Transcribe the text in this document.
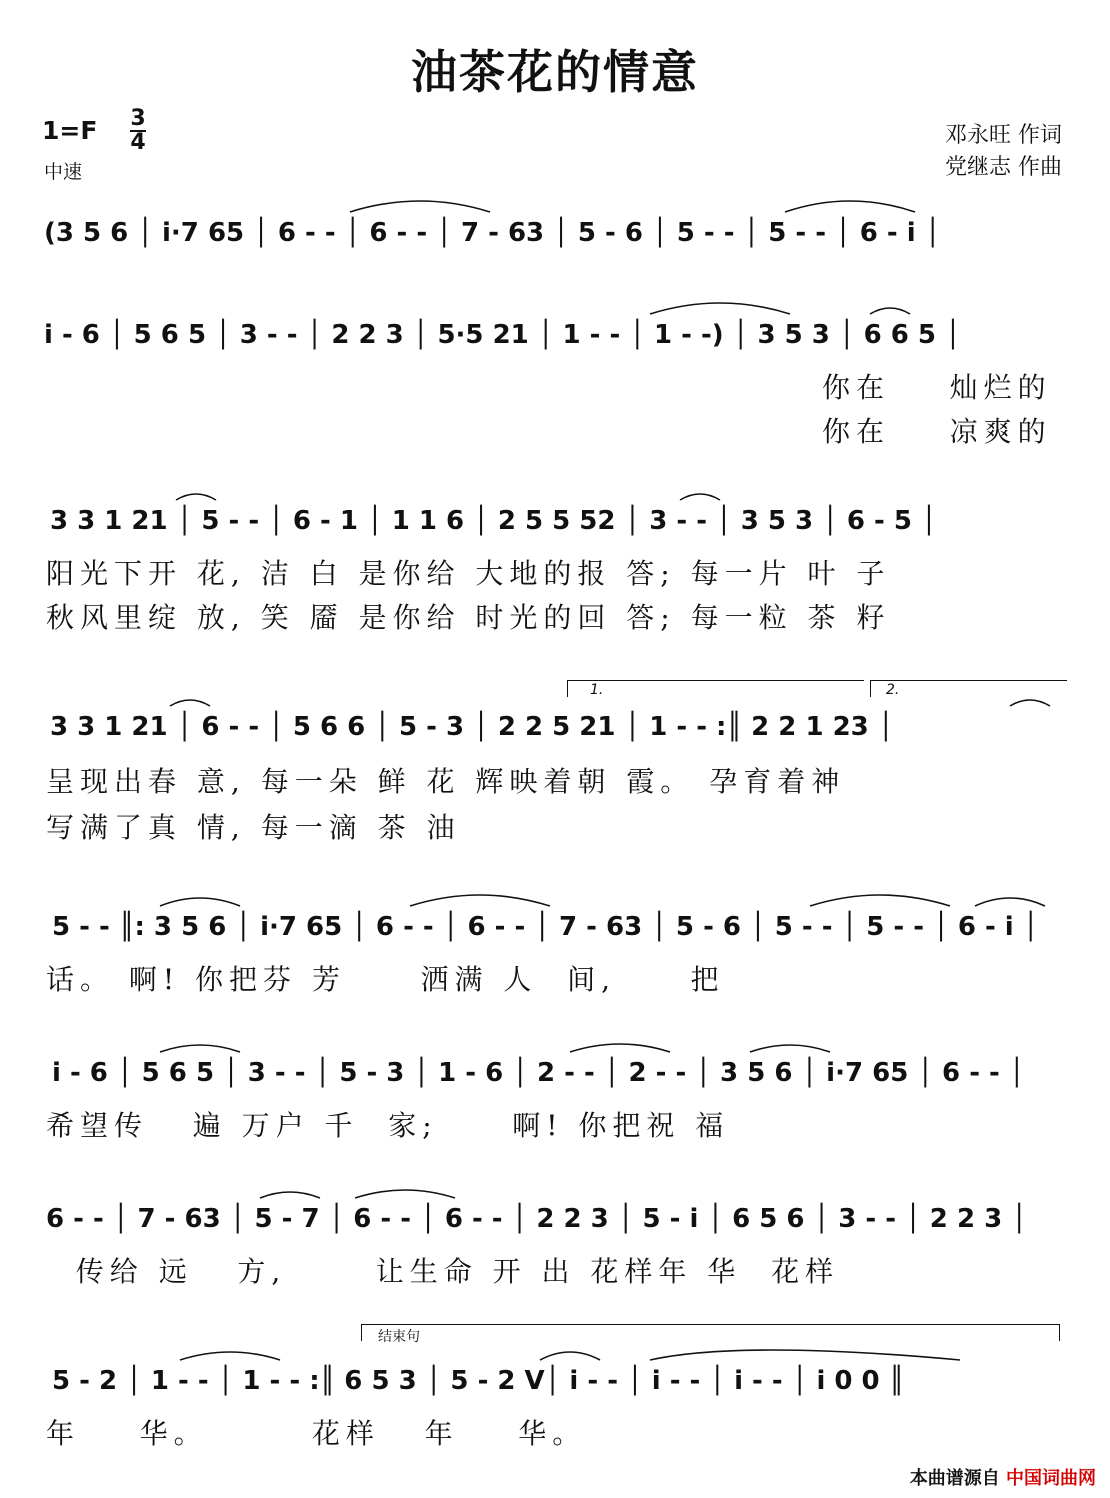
油茶花的情意
1=F 3
4
中速
邓永旺 作词
党继志 作曲
(3 5 6 │ i·7 65 │ 6 - - │ 6 - - │ 7 - 63 │ 5 - 6 │ 5 - - │ 5 - - │ 6 - i │
i - 6 │ 5 6 5 │ 3 - - │ 2 2 3 │ 5·5 21 │ 1 - - │ 1 - -) │ 3 5 3 │ 6 6 5 │
你在    灿烂的
你在    凉爽的
3 3 1 21 │ 5 - - │ 6 - 1 │ 1 1 6 │ 2 5 5 52 │ 3 - - │ 3 5 3 │ 6 - 5 │
阳光下开 花, 洁 白 是你给 大地的报 答; 每一片 叶 子
秋风里绽 放, 笑 靥 是你给 时光的回 答; 每一粒 茶 籽
1.	2.
3 3 1 21 │ 6 - - │ 5 6 6 │ 5 - 3 │ 2 2 5 21 │ 1 - - :║ 2 2 1 23 │
呈现出春 意, 每一朵 鲜 花 辉映着朝 霞。 孕育着神
写满了真 情, 每一滴 茶 油
5 - - ║: 3 5 6 │ i·7 65 │ 6 - - │ 6 - - │ 7 - 63 │ 5 - 6 │ 5 - - │ 5 - - │ 6 - i │
话。 啊! 你把芬 芳     洒满 人  间,     把
i - 6 │ 5 6 5 │ 3 - - │ 5 - 3 │ 1 - 6 │ 2 - - │ 2 - - │ 3 5 6 │ i·7 65 │ 6 - - │
希望传   遍 万户 千  家;     啊! 你把祝 福
6 - - │ 7 - 63 │ 5 - 7 │ 6 - - │ 6 - - │ 2 2 3 │ 5 - i │ 6 5 6 │ 3 - - │ 2 2 3 │
传给 远   方,      让生命 开 出 花样年 华  花样
结束句
5 - 2 │ 1 - - │ 1 - - :║ 6 5 3 │ 5 - 2 V│ i - - │ i - - │ i - - │ i 0 0 ║
年    华。       花样   年    华。
本曲谱源自 中国词曲网
